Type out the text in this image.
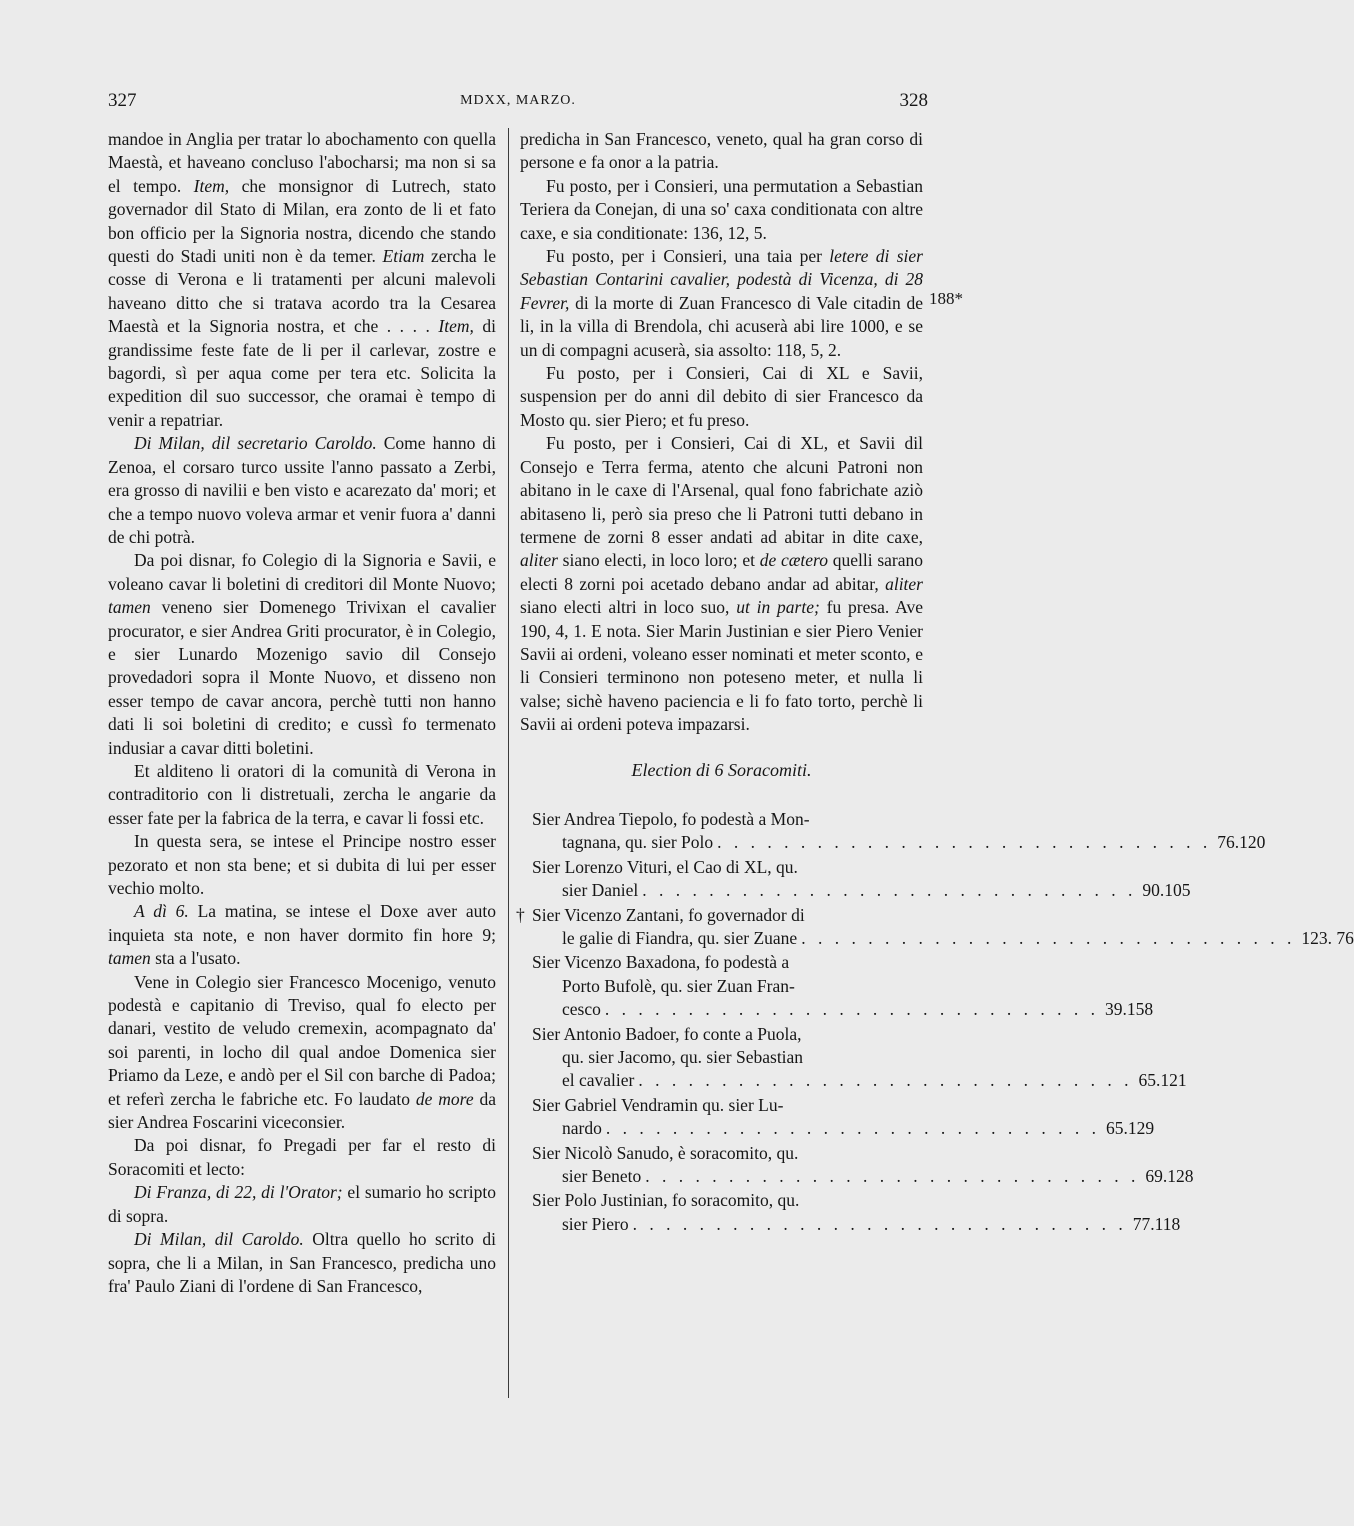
327	MDXX, MARZO.	328
188*

mandoe in Anglia per tratar lo abochamento con quella Maestà, et haveano concluso l'abocharsi; ma non si sa el tempo. Item, che monsignor di Lutrech, stato governador dil Stato di Milan, era zonto de li et fato bon officio per la Signoria nostra, dicendo che stando questi do Stadi uniti non è da temer. Etiam zercha le cosse di Verona e li tratamenti per alcuni malevoli haveano ditto che si tratava acordo tra la Cesarea Maestà et la Signoria nostra, et che . . . . Item, di grandissime feste fate de li per il carlevar, zostre e bagordi, sì per aqua come per tera etc. Solicita la expedition dil suo successor, che oramai è tempo di venir a repatriar.

Di Milan, dil secretario Caroldo. Come hanno di Zenoa, el corsaro turco ussite l'anno passato a Zerbi, era grosso di navilii e ben visto e acarezato da' mori; et che a tempo nuovo voleva armar et venir fuora a' danni de chi potrà.

Da poi disnar, fo Colegio di la Signoria e Savii, e voleano cavar li boletini di creditori dil Monte Nuovo; tamen veneno sier Domenego Trivixan el cavalier procurator, e sier Andrea Griti procurator, è in Colegio, e sier Lunardo Mozenigo savio dil Consejo provedadori sopra il Monte Nuovo, et disseno non esser tempo de cavar ancora, perchè tutti non hanno dati li soi boletini di credito; e cussì fo termenato indusiar a cavar ditti boletini.

Et alditeno li oratori di la comunità di Verona in contraditorio con li distretuali, zercha le angarie da esser fate per la fabrica de la terra, e cavar li fossi etc.

In questa sera, se intese el Principe nostro esser pezorato et non sta bene; et si dubita di lui per esser vechio molto.

A dì 6. La matina, se intese el Doxe aver auto inquieta sta note, e non haver dormito fin hore 9; tamen sta a l'usato.

Vene in Colegio sier Francesco Mocenigo, venuto podestà e capitanio di Treviso, qual fo electo per danari, vestito de veludo cremexin, acompagnato da' soi parenti, in locho dil qual andoe Domenica sier Priamo da Leze, e andò per el Sil con barche di Padoa; et referì zercha le fabriche etc. Fo laudato de more da sier Andrea Foscarini viceconsier.

Da poi disnar, fo Pregadi per far el resto di Soracomiti et lecto:

Di Franza, di 22, di l'Orator; el sumario ho scripto di sopra.

Di Milan, dil Caroldo. Oltra quello ho scrito di sopra, che li a Milan, in San Francesco, predicha uno fra' Paulo Ziani di l'ordene di San Francesco,

predicha in San Francesco, veneto, qual ha gran corso di persone e fa onor a la patria.

Fu posto, per i Consieri, una permutation a Sebastian Teriera da Conejan, di una so' caxa conditionata con altre caxe, e sia conditionate: 136, 12, 5.

Fu posto, per i Consieri, una taia per letere di sier Sebastian Contarini cavalier, podestà di Vicenza, di 28 Fevrer, di la morte di Zuan Francesco di Vale citadin de li, in la villa di Brendola, chi acuserà abi lire 1000, e se un di compagni acuserà, sia assolto: 118, 5, 2.

Fu posto, per i Consieri, Cai di XL e Savii, suspension per do anni dil debito di sier Francesco da Mosto qu. sier Piero; et fu preso.

Fu posto, per i Consieri, Cai di XL, et Savii dil Consejo e Terra ferma, atento che alcuni Patroni non abitano in le caxe di l'Arsenal, qual fono fabrichate aziò abitaseno li, però sia preso che li Patroni tutti debano in termene de zorni 8 esser andati ad abitar in dite caxe, aliter siano electi, in loco loro; et de cætero quelli sarano electi 8 zorni poi acetado debano andar ad abitar, aliter siano electi altri in loco suo, ut in parte; fu presa. Ave 190, 4, 1. E nota. Sier Marin Justinian e sier Piero Venier Savii ai ordeni, voleano esser nominati et meter sconto, e li Consieri terminono non poteseno meter, et nulla li valse; sichè haveno paciencia e li fo fato torto, perchè li Savii ai ordeni poteva impazarsi.

Election di 6 Soracomiti.
Sier Andrea Tiepolo, fo podestà a Mon-
tagnana, qu. sier Polo . . . . . . . . . . . . . . . . . . . . . . . . . . . . . . 76.120
Sier Lorenzo Vituri, el Cao di XL, qu.
sier Daniel . . . . . . . . . . . . . . . . . . . . . . . . . . . . . . 90.105
† Sier Vicenzo Zantani, fo governador di
le galie di Fiandra, qu. sier Zuane . . . . . . . . . . . . . . . . . . . . . . . . . . . . . . 123. 76
Sier Vicenzo Baxadona, fo podestà a
Porto Bufolè, qu. sier Zuan Fran-
cesco . . . . . . . . . . . . . . . . . . . . . . . . . . . . . . 39.158
Sier Antonio Badoer, fo conte a Puola,
qu. sier Jacomo, qu. sier Sebastian
el cavalier . . . . . . . . . . . . . . . . . . . . . . . . . . . . . . 65.121
Sier Gabriel Vendramin qu. sier Lu-
nardo . . . . . . . . . . . . . . . . . . . . . . . . . . . . . . 65.129
Sier Nicolò Sanudo, è soracomito, qu.
sier Beneto . . . . . . . . . . . . . . . . . . . . . . . . . . . . . . 69.128
Sier Polo Justinian, fo soracomito, qu.
sier Piero . . . . . . . . . . . . . . . . . . . . . . . . . . . . . . 77.118
